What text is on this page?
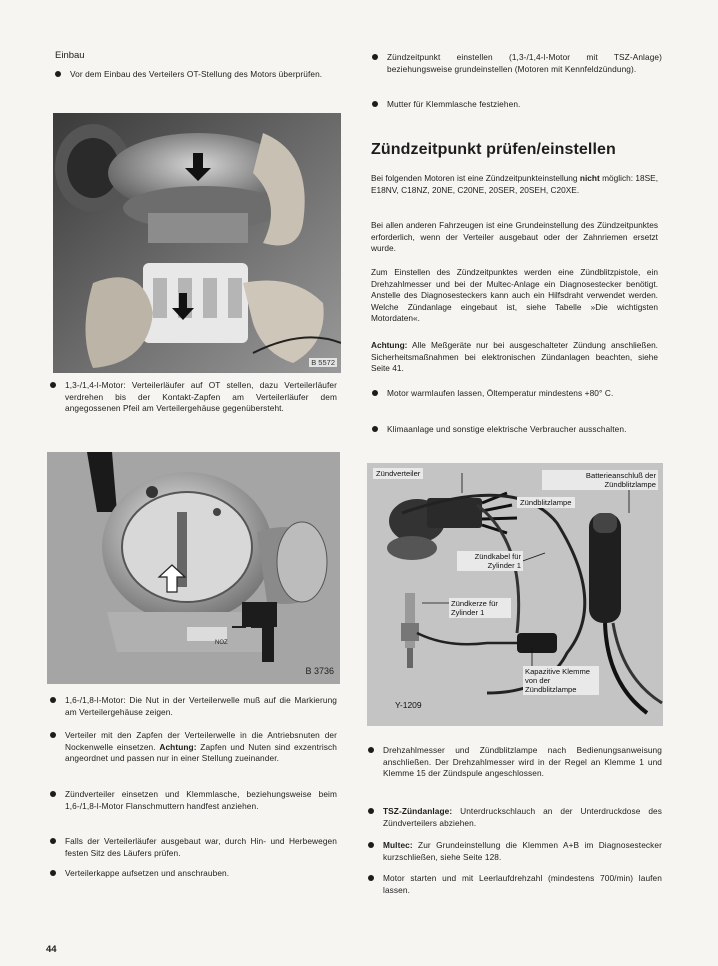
Einbau
Vor dem Einbau des Verteilers OT-Stellung des Motors überprüfen.
B 5572
1,3-/1,4-l-Motor: Verteilerläufer auf OT stellen, dazu Verteilerläufer verdrehen bis der Kontakt-Zapfen am Verteilerläufer dem angegossenen Pfeil am Verteilergehäuse gegenübersteht.
NOZ
B 3736
1,6-/1,8-l-Motor: Die Nut in der Verteilerwelle muß auf die Markierung am Verteilergehäuse zeigen.
Verteiler mit den Zapfen der Verteilerwelle in die Antriebsnuten der Nockenwelle einsetzen. Achtung: Zapfen und Nuten sind exzentrisch angeordnet und passen nur in einer Stellung zueinander.
Zündverteiler einsetzen und Klemmlasche, beziehungsweise beim 1,6-/1,8-l-Motor Flanschmuttern handfest anziehen.
Falls der Verteilerläufer ausgebaut war, durch Hin- und Herbewegen festen Sitz des Läufers prüfen.
Verteilerkappe aufsetzen und anschrauben.
44
Zündzeitpunkt einstellen (1,3-/1,4-l-Motor mit TSZ-Anlage) beziehungsweise grundeinstellen (Motoren mit Kennfeldzündung).
Mutter für Klemmlasche festziehen.
Zündzeitpunkt prüfen/einstellen
Bei folgenden Motoren ist eine Zündzeitpunkteinstellung nicht möglich: 18SE, E18NV, C18NZ, 20NE, C20NE, 20SER, 20SEH, C20XE.
Bei allen anderen Fahrzeugen ist eine Grundeinstellung des Zündzeitpunktes erforderlich, wenn der Verteiler ausgebaut oder der Zahnriemen ersetzt wurde.
Zum Einstellen des Zündzeitpunktes werden eine Zündblitzpistole, ein Drehzahlmesser und bei der Multec-Anlage ein Diagnosestecker benötigt. Anstelle des Diagnosesteckers kann auch ein Hilfsdraht verwendet werden. Welche Zündanlage eingebaut ist, siehe Tabelle »Die wichtigsten Motordaten«.
Achtung: Alle Meßgeräte nur bei ausgeschalteter Zündung anschließen. Sicherheitsmaßnahmen bei elektronischen Zündanlagen beachten, siehe Seite 41.
Motor warmlaufen lassen, Öltemperatur mindestens +80° C.
Klimaanlage und sonstige elektrische Verbraucher ausschalten.
Zündverteiler	Batterieanschluß der Zündblitzlampe
Zündblitzlampe
Zündkabel für Zylinder 1
Zündkerze für Zylinder 1
Kapazitive Klemme von der Zündblitzlampe
Y-1209
Drehzahlmesser und Zündblitzlampe nach Bedienungsanweisung anschließen. Der Drehzahlmesser wird in der Regel an Klemme 1 und Klemme 15 der Zündspule angeschlossen.
TSZ-Zündanlage: Unterdruckschlauch an der Unterdruckdose des Zündverteilers abziehen.
Multec: Zur Grundeinstellung die Klemmen A+B im Diagnosestecker kurzschließen, siehe Seite 128.
Motor starten und mit Leerlaufdrehzahl (mindestens 700/min) laufen lassen.
